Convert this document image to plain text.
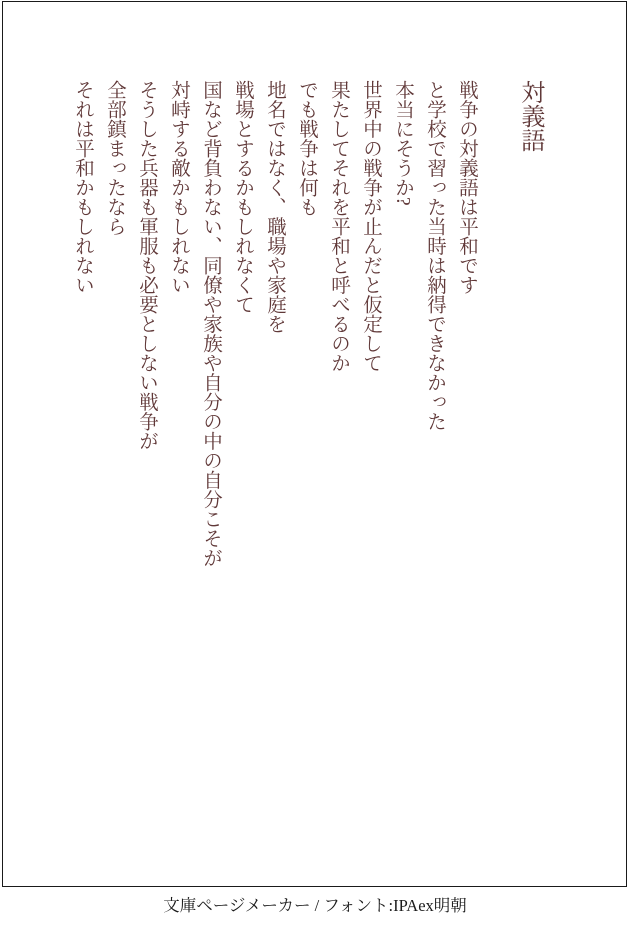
対義語

戦争の対義語は平和です

と学校で習った当時は納得できなかった

本当にそうか?

世界中の戦争が止んだと仮定して

果たしてそれを平和と呼べるのか

でも戦争は何も

地名ではなく、職場や家庭を

戦場とするかもしれなくて

国など背負わない、同僚や家族や自分の中の自分こそが

対峙する敵かもしれない

そうした兵器も軍服も必要としない戦争が

全部鎮まったなら

それは平和かもしれない

文庫ページメーカー / フォント:IPAex明朝
